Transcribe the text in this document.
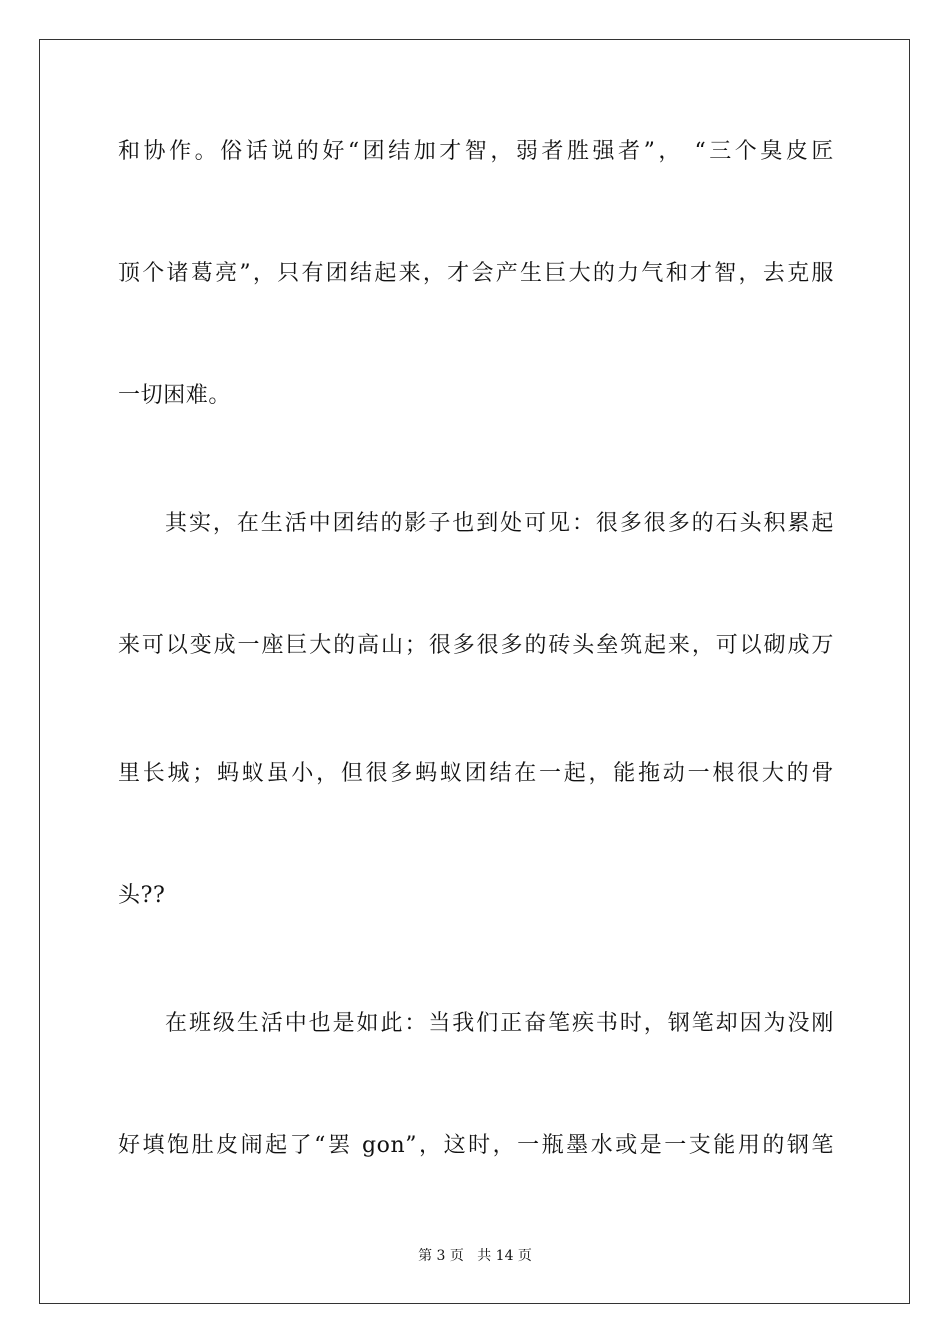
和协作。俗话说的好“团结加才智，弱者胜强者”， “三个臭皮匠
顶个诸葛亮”，只有团结起来，才会产生巨大的力气和才智，去克服
一切困难。
其实，在生活中团结的影子也到处可见：很多很多的石头积累起
来可以变成一座巨大的高山；很多很多的砖头垒筑起来，可以砌成万
里长城；蚂蚁虽小，但很多蚂蚁团结在一起，能拖动一根很大的骨
头??
在班级生活中也是如此：当我们正奋笔疾书时，钢笔却因为没刚
好填饱肚皮闹起了“罢 gon”，这时，一瓶墨水或是一支能用的钢笔
第 3 页   共 14 页
